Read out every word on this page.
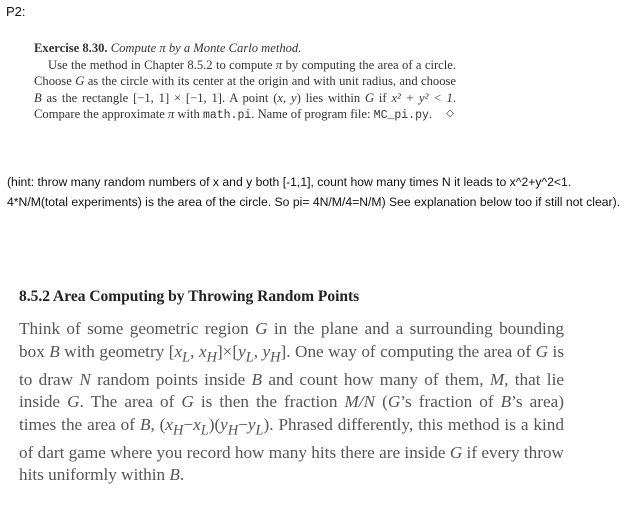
P2:
Exercise 8.30. Compute π by a Monte Carlo method.
Use the method in Chapter 8.5.2 to compute π by computing the area of a circle. Choose G as the circle with its center at the origin and with unit radius, and choose B as the rectangle [−1, 1] × [−1, 1]. A point (x, y) lies within G if x² + y² < 1. Compare the approximate π with math.pi. Name of program file: MC_pi.py. ◇
(hint: throw many random numbers of x and y both [-1,1], count how many times N it leads to x^2+y^2<1. 4*N/M(total experiments) is the area of the circle. So pi= 4N/M/4=N/M) See explanation below too if still not clear).
8.5.2 Area Computing by Throwing Random Points
Think of some geometric region G in the plane and a surrounding bounding box B with geometry [$x_L$, $x_H]\times[y_L$, $y_H$]. One way of computing the area of G is to draw N random points inside B and count how many of them, M, that lie inside G. The area of G is then the fraction M/N (G’s fraction of B’s area) times the area of B, $(x_H-x_L)(y_H-y_L)$. Phrased differently, this method is a kind of dart game where you record how many hits there are inside G if every throw hits uniformly within B.
